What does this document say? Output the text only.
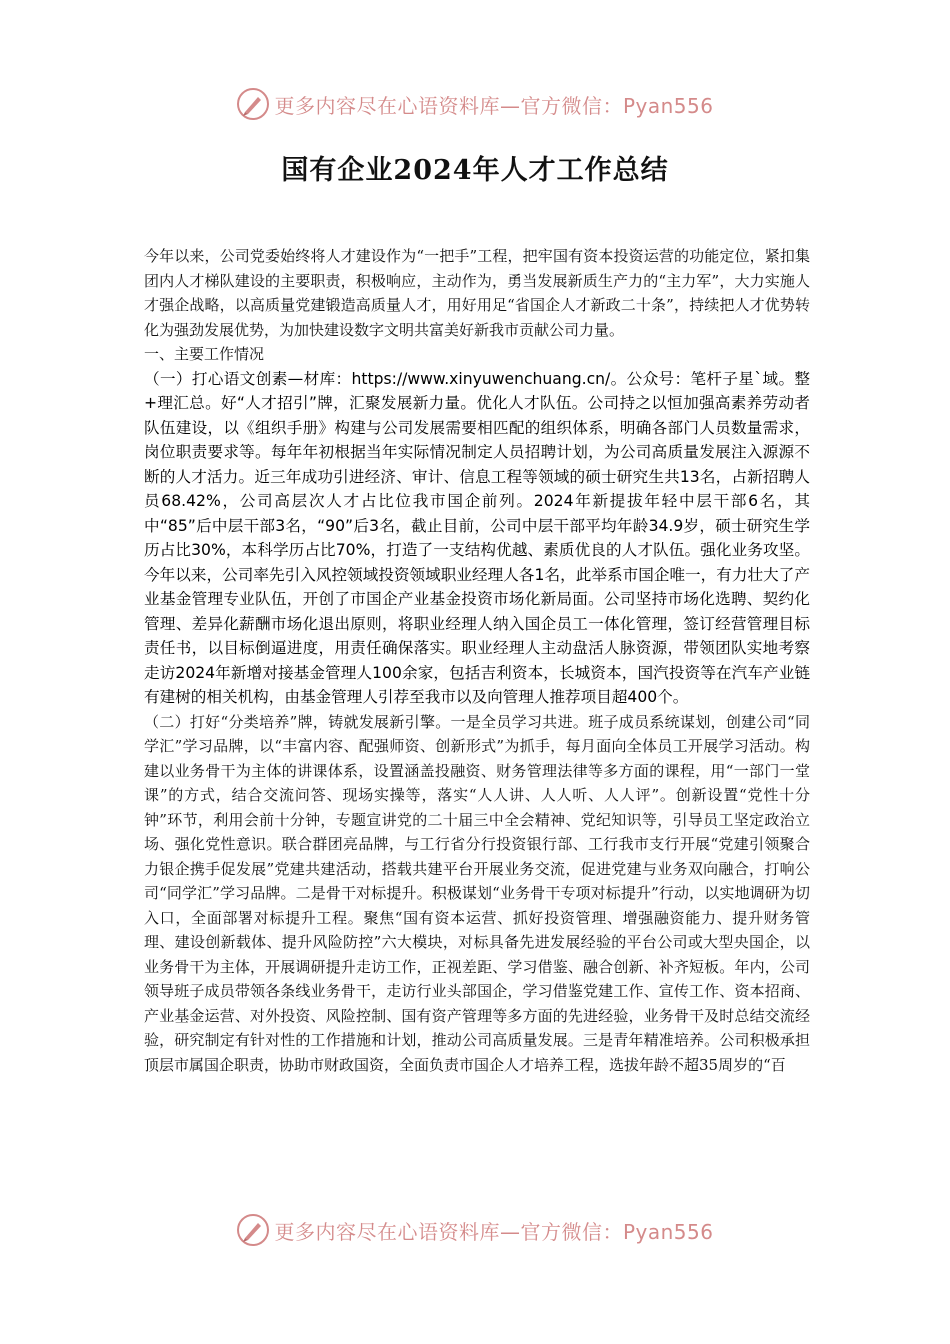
更多内容尽在心语资料库—官方微信：Pyan556
国有企业2024年人才工作总结

今年以来，公司党委始终将人才建设作为“一把手”工程，把牢国有资本投资运营的功能定位，紧扣集团内人才梯队建设的主要职责，积极响应，主动作为，勇当发展新质生产力的“主力军”，大力实施人才强企战略，以高质量党建锻造高质量人才，用好用足“省国企人才新政二十条”，持续把人才优势转化为强劲发展优势，为加快建设数字文明共富美好新我市贡献公司力量。

一、主要工作情况

（一）打心语文创素—材库：https://www.xinyuwenchuang.cn/。公众号：笔杆子星`域。整+理汇总。好“人才招引”牌，汇聚发展新力量。优化人才队伍。公司持之以恒加强高素养劳动者队伍建设，以《组织手册》构建与公司发展需要相匹配的组织体系，明确各部门人员数量需求，岗位职责要求等。每年年初根据当年实际情况制定人员招聘计划，为公司高质量发展注入源源不断的人才活力。近三年成功引进经济、审计、信息工程等领域的硕士研究生共13名，占新招聘人员68.42%，公司高层次人才占比位我市国企前列。2024年新提拔年轻中层干部6名，其中“85”后中层干部3名，“90”后3名，截止目前，公司中层干部平均年龄34.9岁，硕士研究生学历占比30%，本科学历占比70%，打造了一支结构优越、素质优良的人才队伍。强化业务攻坚。今年以来，公司率先引入风控领域投资领域职业经理人各1名，此举系市国企唯一，有力壮大了产业基金管理专业队伍，开创了市国企产业基金投资市场化新局面。公司坚持市场化选聘、契约化管理、差异化薪酬市场化退出原则，将职业经理人纳入国企员工一体化管理，签订经营管理目标责任书，以目标倒逼进度，用责任确保落实。职业经理人主动盘活人脉资源，带领团队实地考察走访2024年新增对接基金管理人100余家，包括吉利资本，长城资本，国汽投资等在汽车产业链有建树的相关机构，由基金管理人引荐至我市以及向管理人推荐项目超400个。

（二）打好“分类培养”牌，铸就发展新引擎。一是全员学习共进。班子成员系统谋划，创建公司“同学汇”学习品牌，以“丰富内容、配强师资、创新形式”为抓手，每月面向全体员工开展学习活动。构建以业务骨干为主体的讲课体系，设置涵盖投融资、财务管理法律等多方面的课程，用“一部门一堂课”的方式，结合交流问答、现场实操等，落实“人人讲、人人听、人人评”。创新设置“党性十分钟”环节，利用会前十分钟，专题宣讲党的二十届三中全会精神、党纪知识等，引导员工坚定政治立场、强化党性意识。联合群团亮品牌，与工行省分行投资银行部、工行我市支行开展“党建引领聚合力银企携手促发展”党建共建活动，搭载共建平台开展业务交流，促进党建与业务双向融合，打响公司“同学汇”学习品牌。二是骨干对标提升。积极谋划“业务骨干专项对标提升”行动，以实地调研为切入口，全面部署对标提升工程。聚焦“国有资本运营、抓好投资管理、增强融资能力、提升财务管理、建设创新载体、提升风险防控”六大模块，对标具备先进发展经验的平台公司或大型央国企，以业务骨干为主体，开展调研提升走访工作，正视差距、学习借鉴、融合创新、补齐短板。年内，公司领导班子成员带领各条线业务骨干，走访行业头部国企，学习借鉴党建工作、宣传工作、资本招商、产业基金运营、对外投资、风险控制、国有资产管理等多方面的先进经验，业务骨干及时总结交流经验，研究制定有针对性的工作措施和计划，推动公司高质量发展。三是青年精准培养。公司积极承担顶层市属国企职责，协助市财政国资，全面负责市国企人才培养工程，选拔年龄不超35周岁的“百

更多内容尽在心语资料库—官方微信：Pyan556
